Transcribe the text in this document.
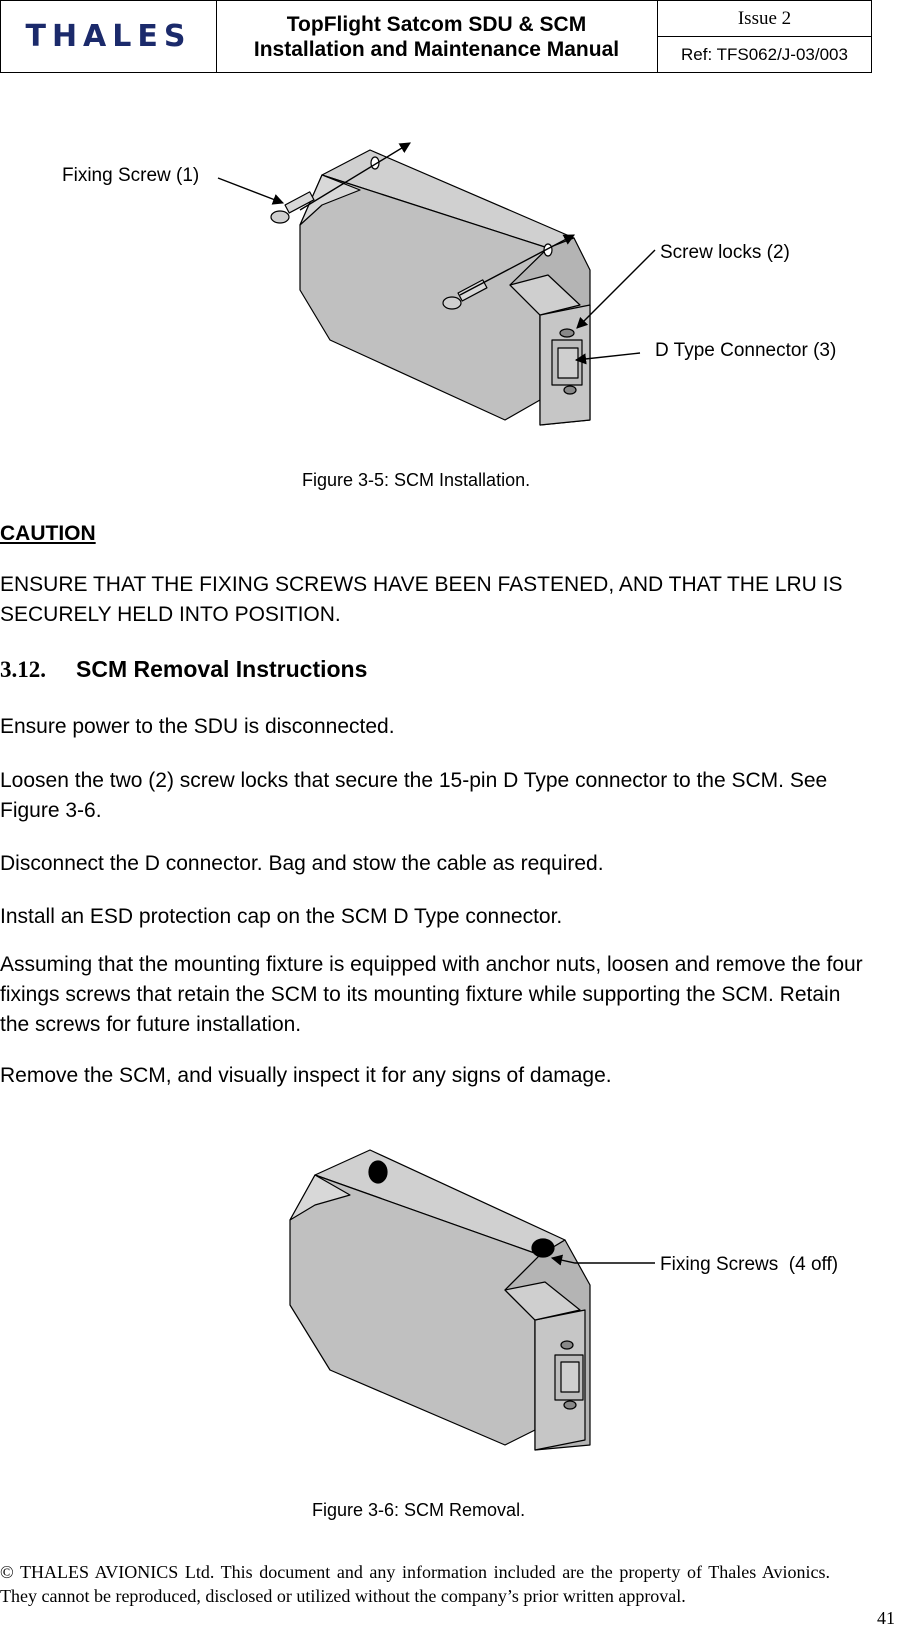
THALES	TopFlight Satcom SDU & SCM
Installation and Maintenance Manual
Issue 2
Ref: TFS062/J-03/003
Fixing Screw (1)
Screw locks (2)
D Type Connector (3)
Figure 3-5: SCM Installation.
CAUTION
ENSURE THAT THE FIXING SCREWS HAVE BEEN FASTENED, AND THAT THE LRU IS SECURELY HELD INTO POSITION.
3.12. SCM Removal Instructions
Ensure power to the SDU is disconnected.
Loosen the two (2) screw locks that secure the 15-pin D Type connector to the SCM. See Figure 3-6.
Disconnect the D connector. Bag and stow the cable as required.
Install an ESD protection cap on the SCM D Type connector.
Assuming that the mounting fixture is equipped with anchor nuts, loosen and remove the four fixings screws that retain the SCM to its mounting fixture while supporting the SCM. Retain the screws for future installation.
Remove the SCM, and visually inspect it for any signs of damage.
Fixing Screws  (4 off)
Figure 3-6: SCM Removal.
© THALES AVIONICS Ltd. This document and any information included are the property of Thales Avionics. They cannot be reproduced, disclosed or utilized without the company’s prior written approval.
41
